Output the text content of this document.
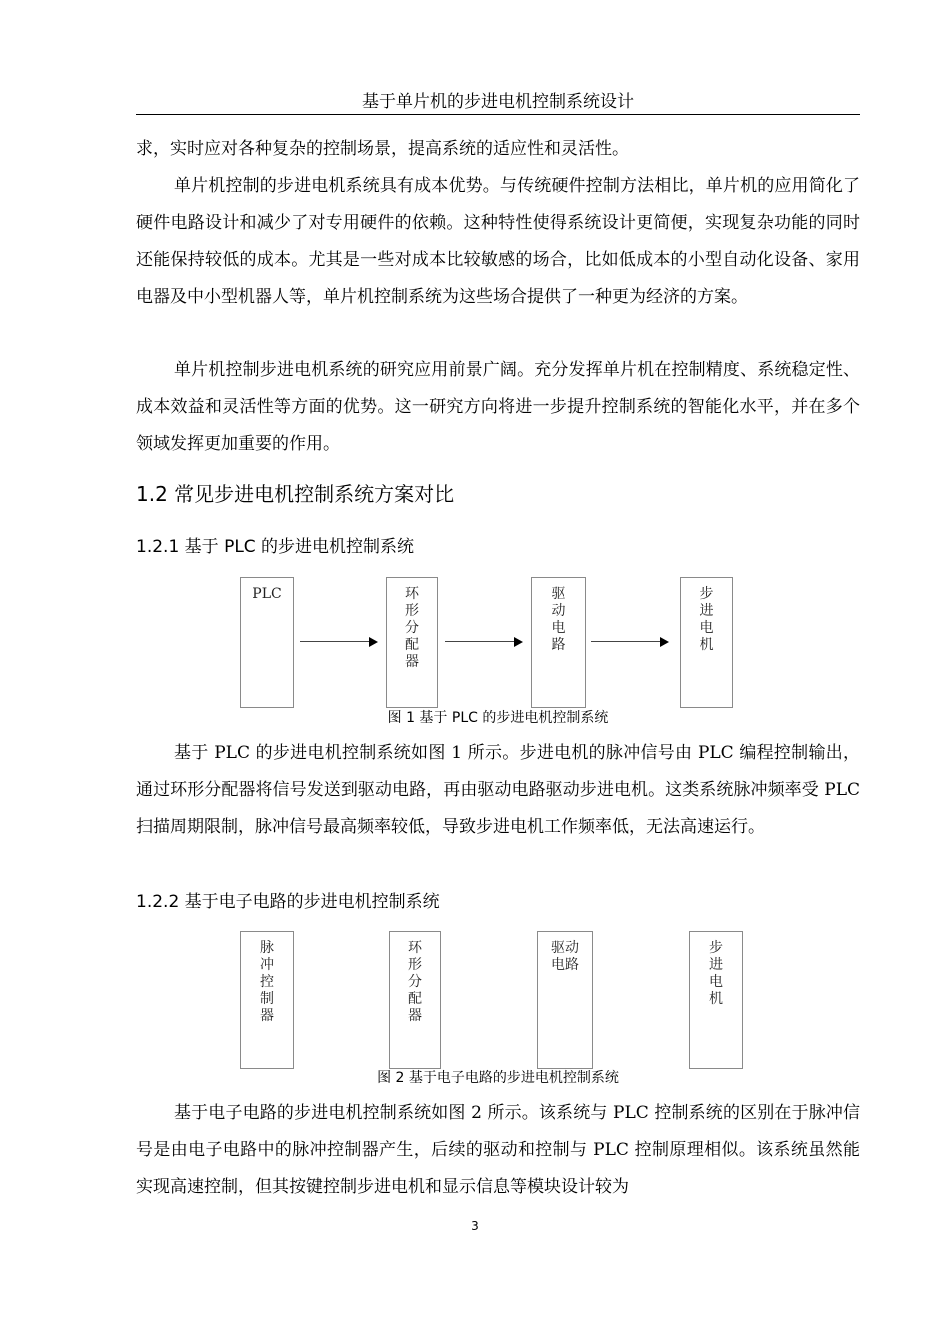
基于单片机的步进电机控制系统设计

求，实时应对各种复杂的控制场景，提高系统的适应性和灵活性。

单片机控制的步进电机系统具有成本优势。与传统硬件控制方法相比，单片机的应用简化了硬件电路设计和减少了对专用硬件的依赖。这种特性使得系统设计更简便，实现复杂功能的同时还能保持较低的成本。尤其是一些对成本比较敏感的场合，比如低成本的小型自动化设备、家用电器及中小型机器人等，单片机控制系统为这些场合提供了一种更为经济的方案。

单片机控制步进电机系统的研究应用前景广阔。充分发挥单片机在控制精度、系统稳定性、成本效益和灵活性等方面的优势。这一研究方向将进一步提升控制系统的智能化水平，并在多个领域发挥更加重要的作用。

1.2 常见步进电机控制系统方案对比
1.2.1 基于 PLC 的步进电机控制系统
PLC	环形分配器
驱动电路
步进电机

图 1 基于 PLC 的步进电机控制系统

基于 PLC 的步进电机控制系统如图 1 所示。步进电机的脉冲信号由 PLC 编程控制输出，通过环形分配器将信号发送到驱动电路，再由驱动电路驱动步进电机。这类系统脉冲频率受 PLC 扫描周期限制，脉冲信号最高频率较低，导致步进电机工作频率低，无法高速运行。

1.2.2 基于电子电路的步进电机控制系统
脉冲控制器
环形分配器
驱动电路
步进电机

图 2 基于电子电路的步进电机控制系统

基于电子电路的步进电机控制系统如图 2 所示。该系统与 PLC 控制系统的区别在于脉冲信号是由电子电路中的脉冲控制器产生，后续的驱动和控制与 PLC 控制原理相似。该系统虽然能实现高速控制，但其按键控制步进电机和显示信息等模块设计较为

3
